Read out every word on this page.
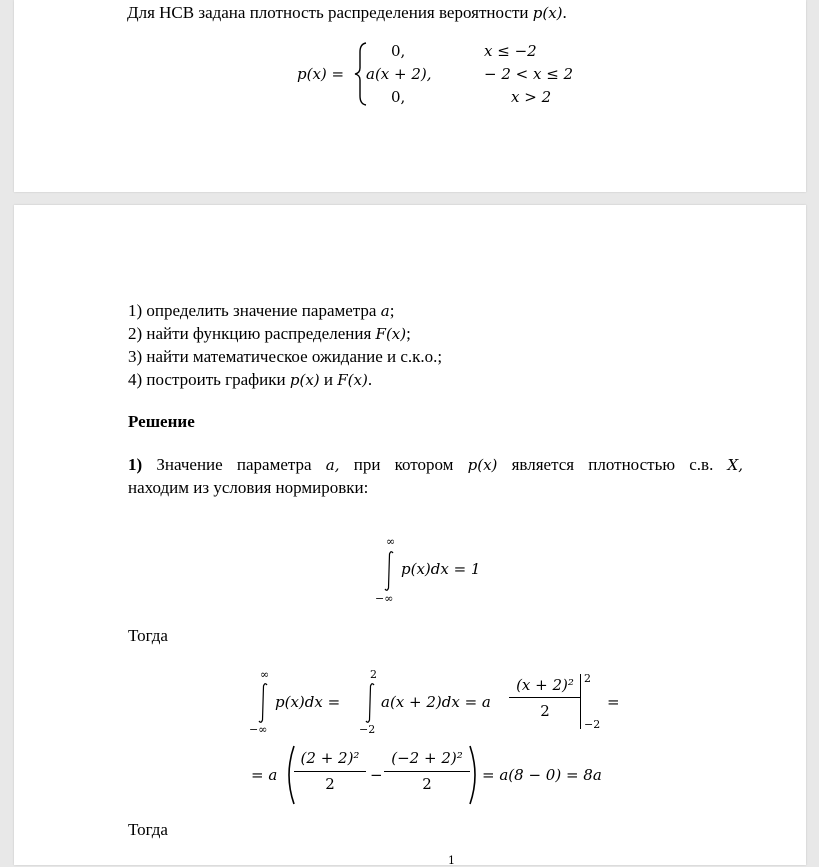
Для НСВ задана плотность распределения вероятности p(x).
p(x) =
0,	x ≤ −2
a(x + 2),	− 2 < x ≤ 2
0,	x > 2
1) определить значение параметра a;
2) найти функцию распределения F(x);
3) найти математическое ожидание и с.к.о.;
4) построить графики p(x) и F(x).
Решение
1) Значение параметра a, при котором p(x) является плотностью с.в. X,
находим из условия нормировки:
∞
−∞
p(x)dx = 1
Тогда
∞
−∞
p(x)dx =
2
−2
a(x + 2)dx = a
(x + 2)²
2
2
−2
=
= a
(2 + 2)²
2	−
(−2 + 2)²
2	= a(8 − 0) = 8a
Тогда
1
